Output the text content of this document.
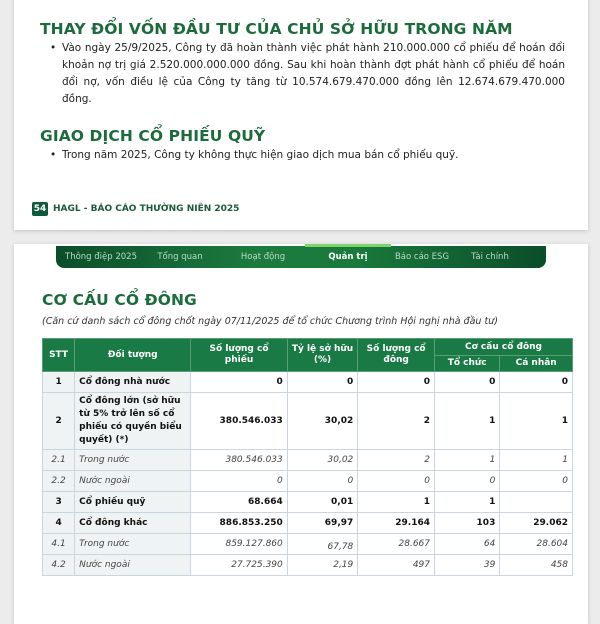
THAY ĐỔI VỐN ĐẦU TƯ CỦA CHỦ SỞ HỮU TRONG NĂM
• Vào ngày 25/9/2025, Công ty đã hoàn thành việc phát hành 210.000.000 cổ phiếu để hoán đổi khoản nợ trị giá 2.520.000.000.000 đồng. Sau khi hoàn thành đợt phát hành cổ phiếu để hoán đổi nợ, vốn điều lệ của Công ty tăng từ 10.574.679.470.000 đồng lên 12.674.679.470.000 đồng.
GIAO DỊCH CỔ PHIẾU QUỸ
• Trong năm 2025, Công ty không thực hiện giao dịch mua bán cổ phiếu quỹ.
54 HAGL - BÁO CÁO THƯỜNG NIÊN 2025
Thông điệp 2025	Tổng quan	Hoạt động	Quản trị	Báo cáo ESG	Tài chính
CƠ CẤU CỔ ĐÔNG
(Căn cứ danh sách cổ đông chốt ngày 07/11/2025 để tổ chức Chương trình Hội nghị nhà đầu tư)
STT	Đối tượng	Số lượng cổ phiếu	Tỷ lệ sở hữu (%)	Số lượng cổ đông	Cơ cấu cổ đông	
					Tổ chức	Cá nhân
1	Cổ đông nhà nước	0	0	0	0	0
2	Cổ đông lớn (sở hữu từ 5% trở lên số cổ phiếu có quyền biểu quyết) (*)	380.546.033	30,02	2	1	1
2.1	Trong nước	380.546.033	30,02	2	1	1
2.2	Nước ngoài	0	0	0	0	0
3	Cổ phiếu quỹ	68.664	0,01	1	1	
4	Cổ đông khác	886.853.250	69,97	29.164	103	29.062
4.1	Trong nước	859.127.860	67,78	28.667	64	28.604
4.2	Nước ngoài	27.725.390	2,19	497	39	458
